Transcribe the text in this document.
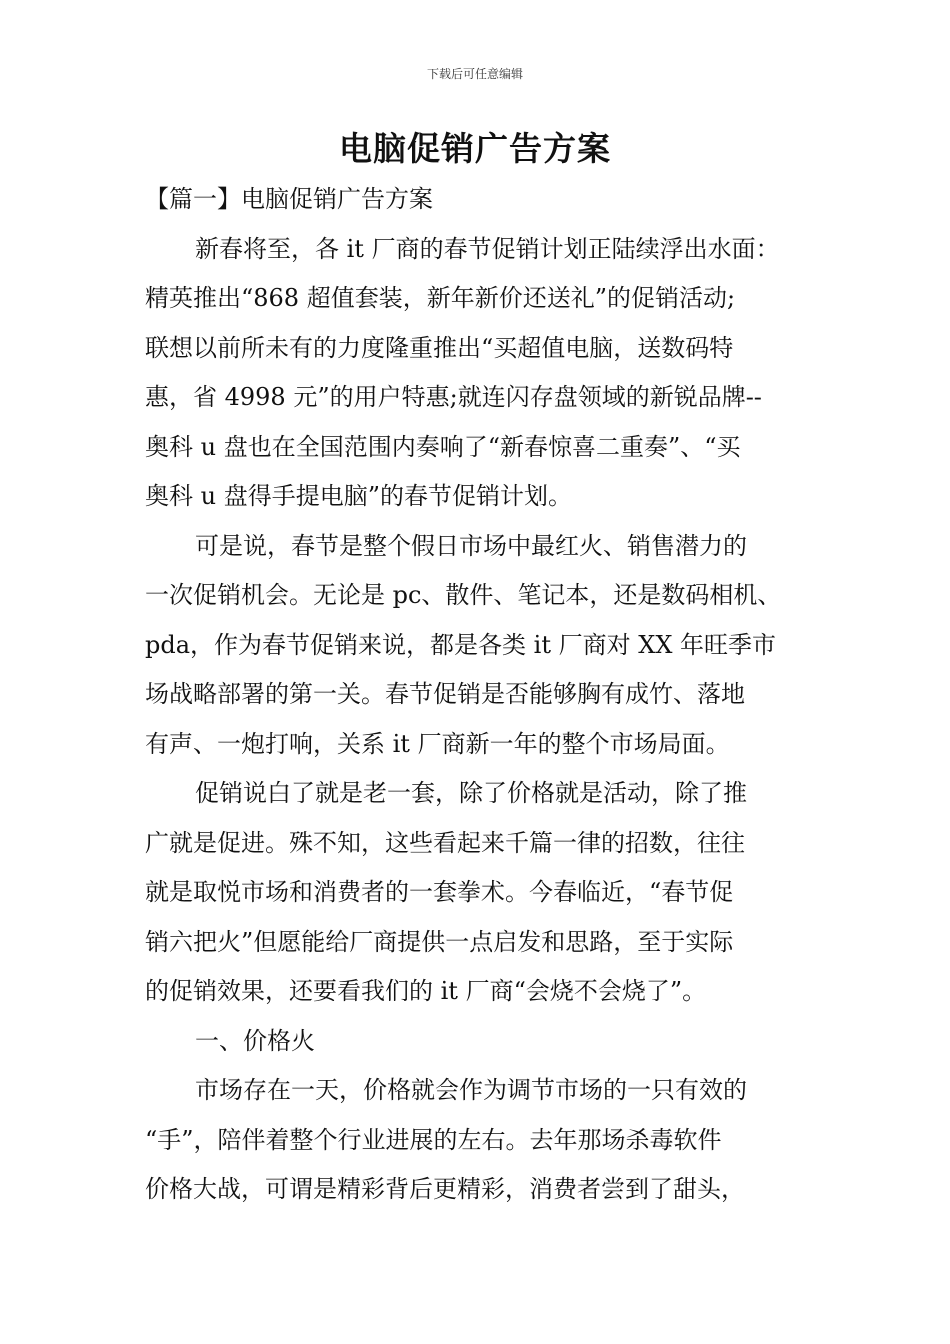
下载后可任意编辑
电脑促销广告方案
【篇一】电脑促销广告方案
新春将至，各 it 厂商的春节促销计划正陆续浮出水面：
精英推出“868 超值套装，新年新价还送礼”的促销活动;
联想以前所未有的力度隆重推出“买超值电脑，送数码特
惠，省 4998 元”的用户特惠;就连闪存盘领域的新锐品牌--
奥科 u 盘也在全国范围内奏响了“新春惊喜二重奏”、“买
奥科 u 盘得手提电脑”的春节促销计划。
可是说，春节是整个假日市场中最红火、销售潜力的
一次促销机会。无论是 pc、散件、笔记本，还是数码相机、
pda，作为春节促销来说，都是各类 it 厂商对 XX 年旺季市
场战略部署的第一关。春节促销是否能够胸有成竹、落地
有声、一炮打响，关系 it 厂商新一年的整个市场局面。
促销说白了就是老一套，除了价格就是活动，除了推
广就是促进。殊不知，这些看起来千篇一律的招数，往往
就是取悦市场和消费者的一套拳术。今春临近，“春节促
销六把火”但愿能给厂商提供一点启发和思路，至于实际
的促销效果，还要看我们的 it 厂商“会烧不会烧了”。
一、价格火
市场存在一天，价格就会作为调节市场的一只有效的
“手”，陪伴着整个行业进展的左右。去年那场杀毒软件
价格大战，可谓是精彩背后更精彩，消费者尝到了甜头，
